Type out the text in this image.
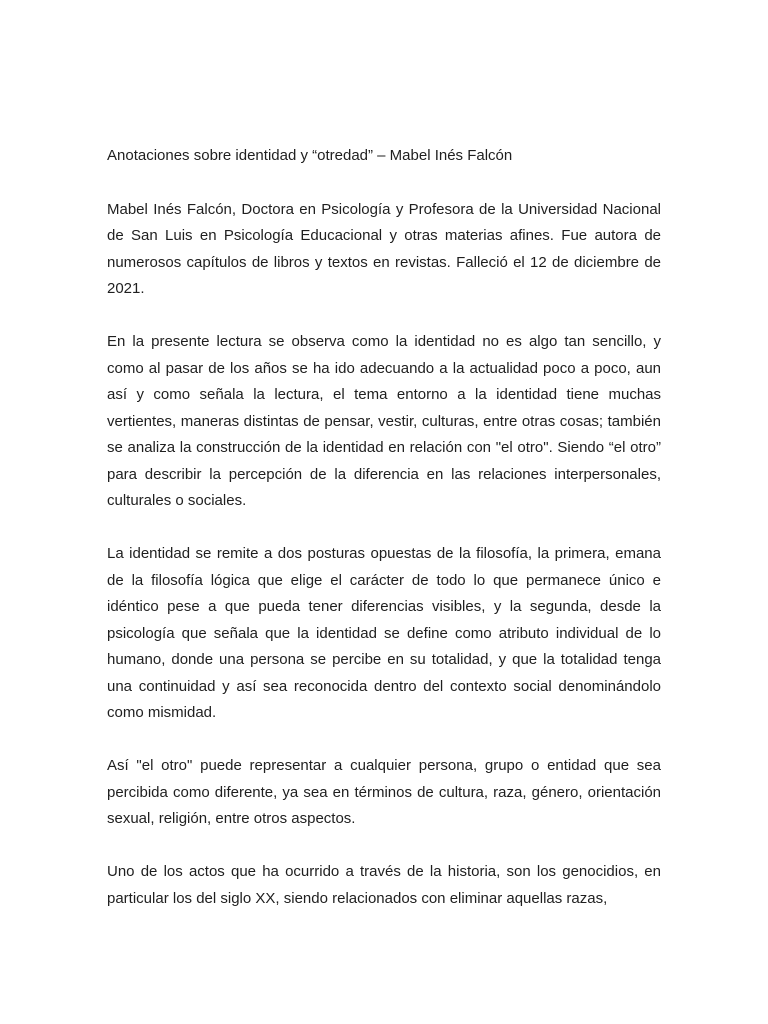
Anotaciones sobre identidad y “otredad” – Mabel Inés Falcón

Mabel Inés Falcón, Doctora en Psicología y Profesora de la Universidad Nacional de San Luis en Psicología Educacional y otras materias afines. Fue autora de numerosos capítulos de libros y textos en revistas. Falleció el 12 de diciembre de 2021.

En la presente lectura se observa como la identidad no es algo tan sencillo, y como al pasar de los años se ha ido adecuando a la actualidad poco a poco, aun así y como señala la lectura, el tema entorno a la identidad tiene muchas vertientes, maneras distintas de pensar, vestir, culturas, entre otras cosas; también se analiza la construcción de la identidad en relación con "el otro". Siendo “el otro” para describir la percepción de la diferencia en las relaciones interpersonales, culturales o sociales.

La identidad se remite a dos posturas opuestas de la filosofía, la primera, emana de la filosofía lógica que elige el carácter de todo lo que permanece único e idéntico pese a que pueda tener diferencias visibles, y la segunda, desde la psicología que señala que la identidad se define como atributo individual de lo humano, donde una persona se percibe en su totalidad, y que la totalidad tenga una continuidad y así sea reconocida dentro del contexto social denominándolo como mismidad.

Así "el otro" puede representar a cualquier persona, grupo o entidad que sea percibida como diferente, ya sea en términos de cultura, raza, género, orientación sexual, religión, entre otros aspectos.

Uno de los actos que ha ocurrido a través de la historia, son los genocidios, en particular los del siglo XX, siendo relacionados con eliminar aquellas razas,
